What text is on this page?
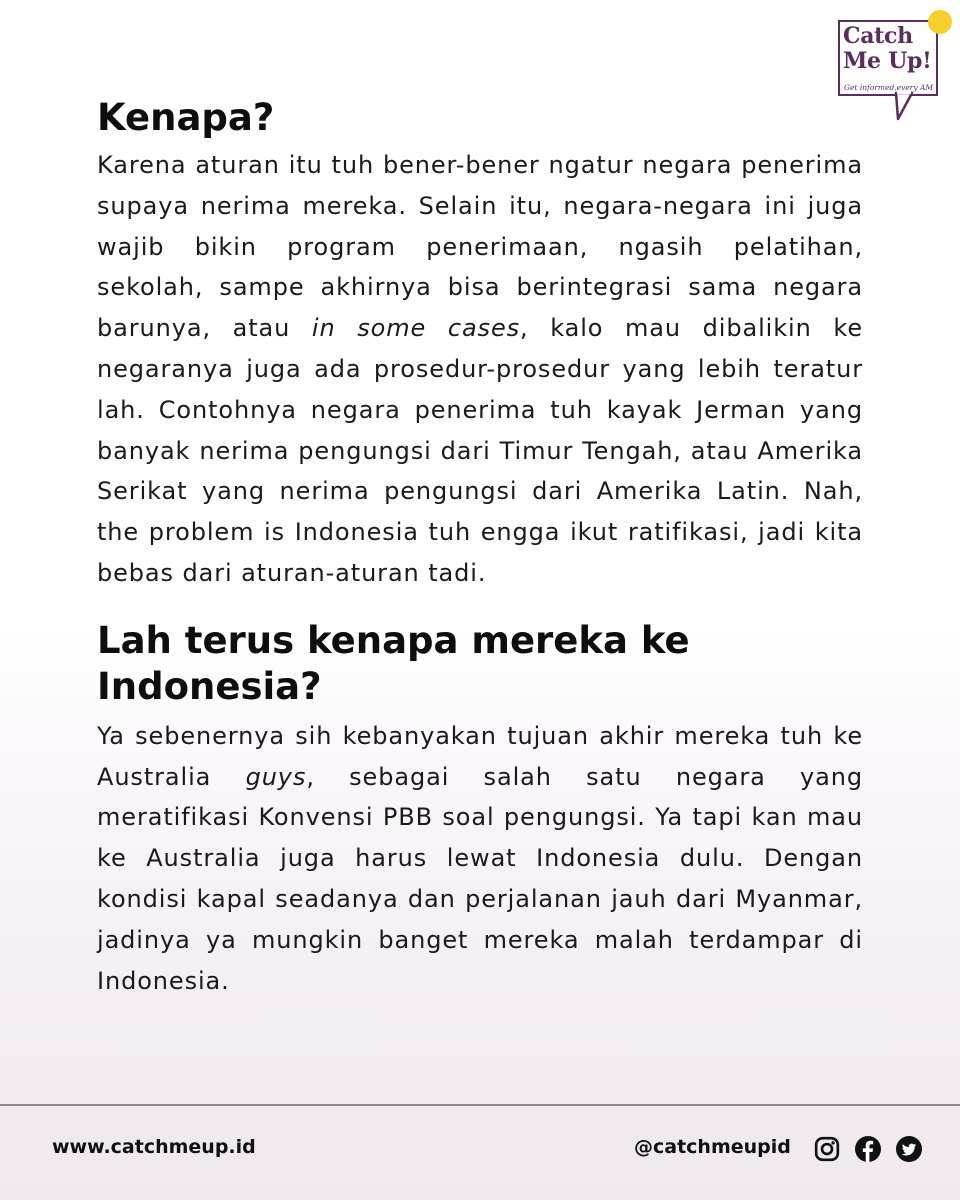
Catch
Me Up!
Get informed,every AM
Kenapa?

Karena aturan itu tuh bener-bener ngatur negara penerima supaya nerima mereka. Selain itu, negara-negara ini juga wajib bikin program penerimaan, ngasih pelatihan, sekolah, sampe akhirnya bisa berintegrasi sama negara barunya, atau in some cases, kalo mau dibalikin ke negaranya juga ada prosedur-prosedur yang lebih teratur lah. Contohnya negara penerima tuh kayak Jerman yang banyak nerima pengungsi dari Timur Tengah, atau Amerika Serikat yang nerima pengungsi dari Amerika Latin. Nah, the problem is Indonesia tuh engga ikut ratifikasi, jadi kita bebas dari aturan-aturan tadi.

Lah terus kenapa mereka ke
Indonesia?

Ya sebenernya sih kebanyakan tujuan akhir mereka tuh ke Australia guys, sebagai salah satu negara yang meratifikasi Konvensi PBB soal pengungsi. Ya tapi kan mau ke Australia juga harus lewat Indonesia dulu. Dengan kondisi kapal seadanya dan perjalanan jauh dari Myanmar, jadinya ya mungkin banget mereka malah terdampar di Indonesia.

www.catchmeup.id	@catchmeupid
